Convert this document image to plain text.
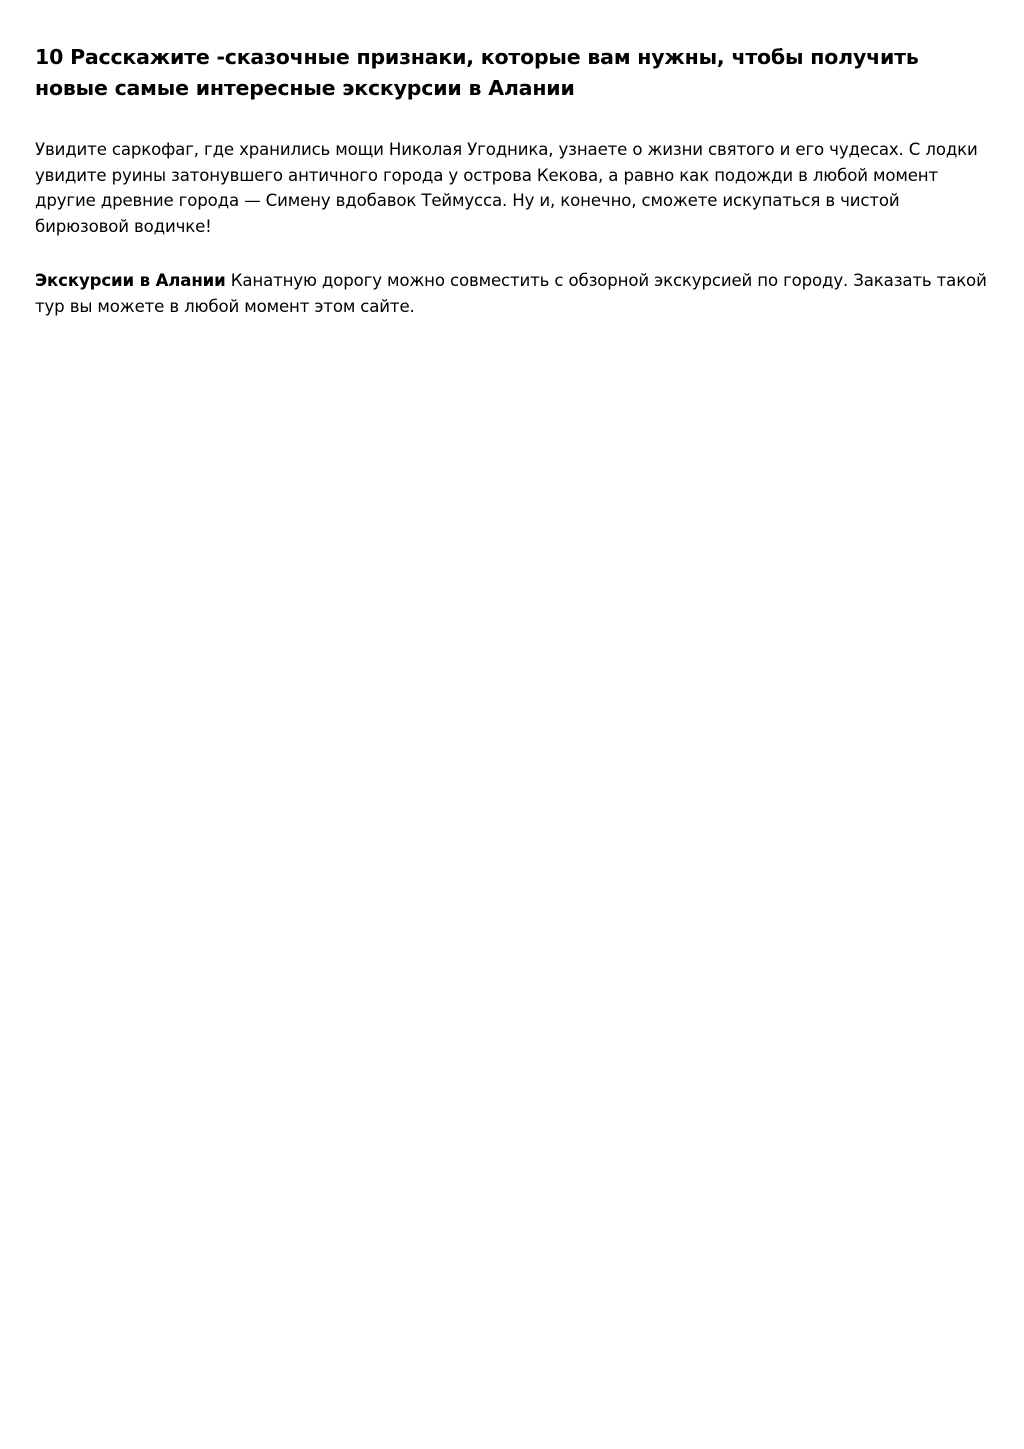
10 Расскажите -сказочные признаки, которые вам нужны, чтобы получить новые самые интересные экскурсии в Алании

Увидите саркофаг, где хранились мощи Николая Угодника, узнаете о жизни святого и его чудесах. С лодки увидите руины затонувшего античного города у острова Кекова, а равно как подожди в любой момент другие древние города — Симену вдобавок Теймусса. Ну и, конечно, сможете искупаться в чистой бирюзовой водичке!

Экскурсии в Алании Канатную дорогу можно совместить с обзорной экскурсией по городу. Заказать такой тур вы можете в любой момент этом сайте.
